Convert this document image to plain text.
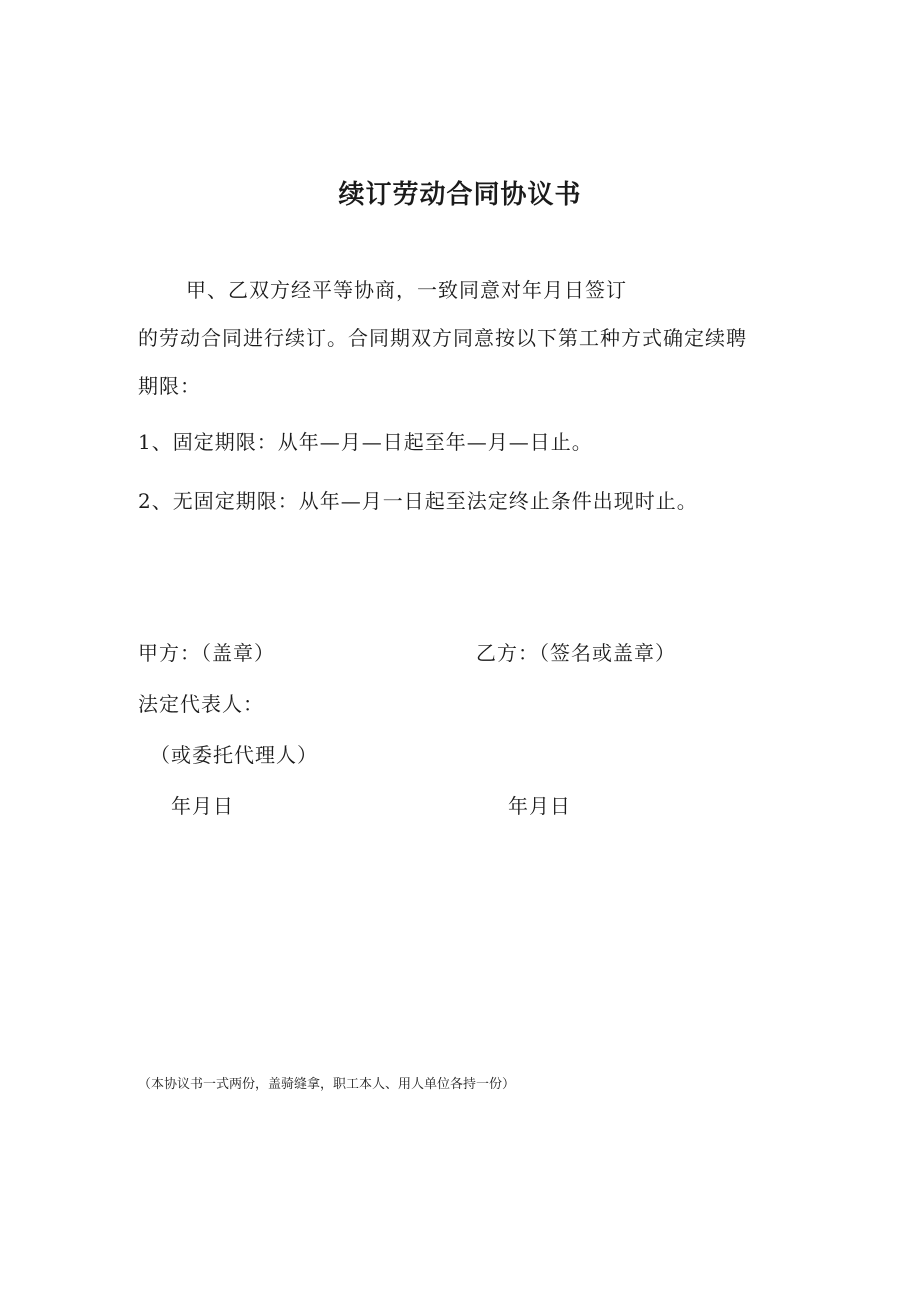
续订劳动合同协议书

甲、乙双方经平等协商，一致同意对年月日签订

的劳动合同进行续订。合同期双方同意按以下第工种方式确定续聘

期限：

1、固定期限：从年—月—日起至年—月—日止。

2、无固定期限：从年—月一日起至法定终止条件出现时止。

甲方：（盖章）	乙方：（签名或盖章）

法定代表人：

（或委托代理人）

年月日	年月日

（本协议书一式两份，盖骑缝拿，职工本人、用人单位各持一份）
